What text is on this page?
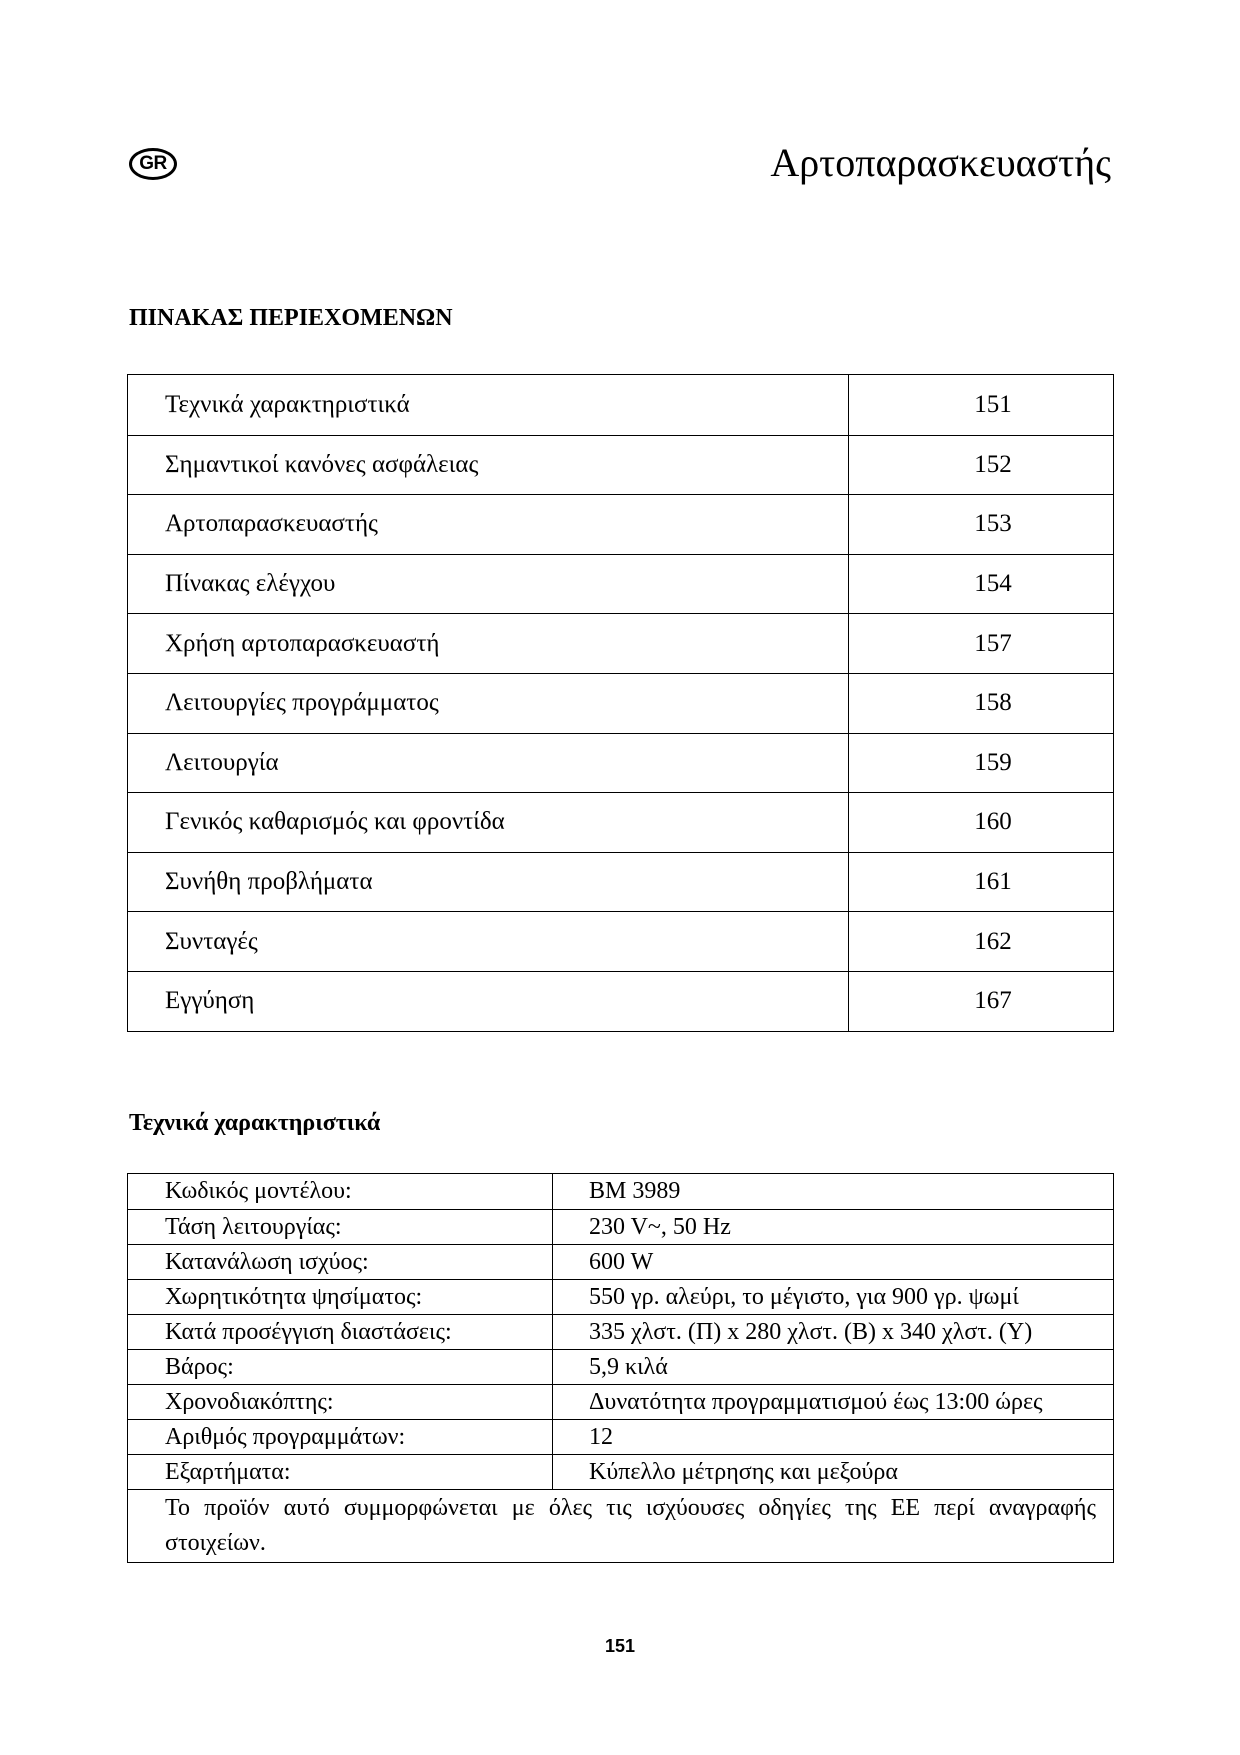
GR	Αρτοπαρασκευαστής
ΠΙΝΑΚΑΣ ΠΕΡΙΕΧΟΜΕΝΩΝ
Τεχνικά χαρακτηριστικά	151
Σημαντικοί κανόνες ασφάλειας	152
Αρτοπαρασκευαστής	153
Πίνακας ελέγχου	154
Χρήση αρτοπαρασκευαστή	157
Λειτουργίες προγράμματος	158
Λειτουργία	159
Γενικός καθαρισμός και φροντίδα	160
Συνήθη προβλήματα	161
Συνταγές	162
Εγγύηση	167
Τεχνικά χαρακτηριστικά
Κωδικός μοντέλου:	BM 3989
Τάση λειτουργίας:	230 V~, 50 Hz
Κατανάλωση ισχύος:	600 W
Χωρητικότητα ψησίματος:	550 γρ. αλεύρι, το μέγιστο, για 900 γρ. ψωμί
Κατά προσέγγιση διαστάσεις:	335 χλστ. (Π) x 280 χλστ. (Β) x 340 χλστ. (Υ)
Βάρος:	5,9 κιλά
Χρονοδιακόπτης:	Δυνατότητα προγραμματισμού έως 13:00 ώρες
Αριθμός προγραμμάτων:	12
Εξαρτήματα:	Κύπελλο μέτρησης και μεξούρα
Το προϊόν αυτό συμμορφώνεται με όλες τις ισχύουσες οδηγίες της ΕΕ περί αναγραφής
στοιχείων.
151
